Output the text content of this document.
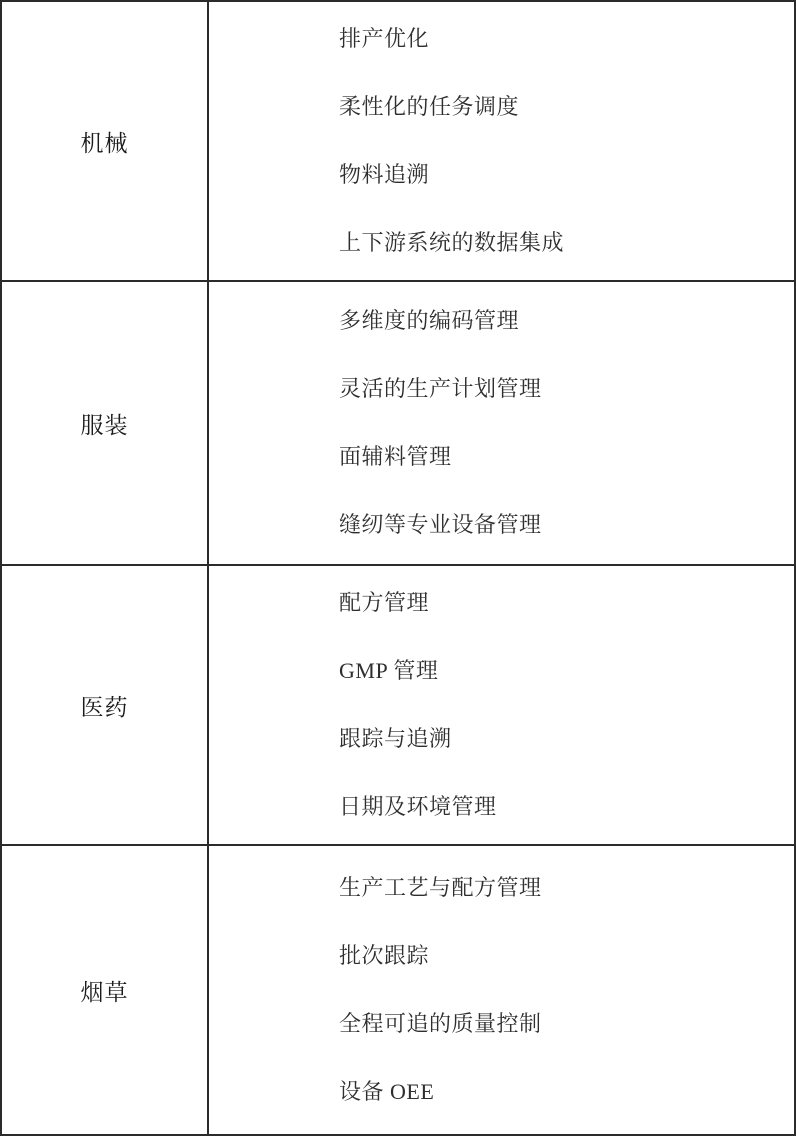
机械

排产优化
柔性化的任务调度
物料追溯
上下游系统的数据集成

服装

多维度的编码管理
灵活的生产计划管理
面辅料管理
缝纫等专业设备管理

医药

配方管理
GMP 管理
跟踪与追溯
日期及环境管理

烟草

生产工艺与配方管理
批次跟踪
全程可追的质量控制
设备 OEE
